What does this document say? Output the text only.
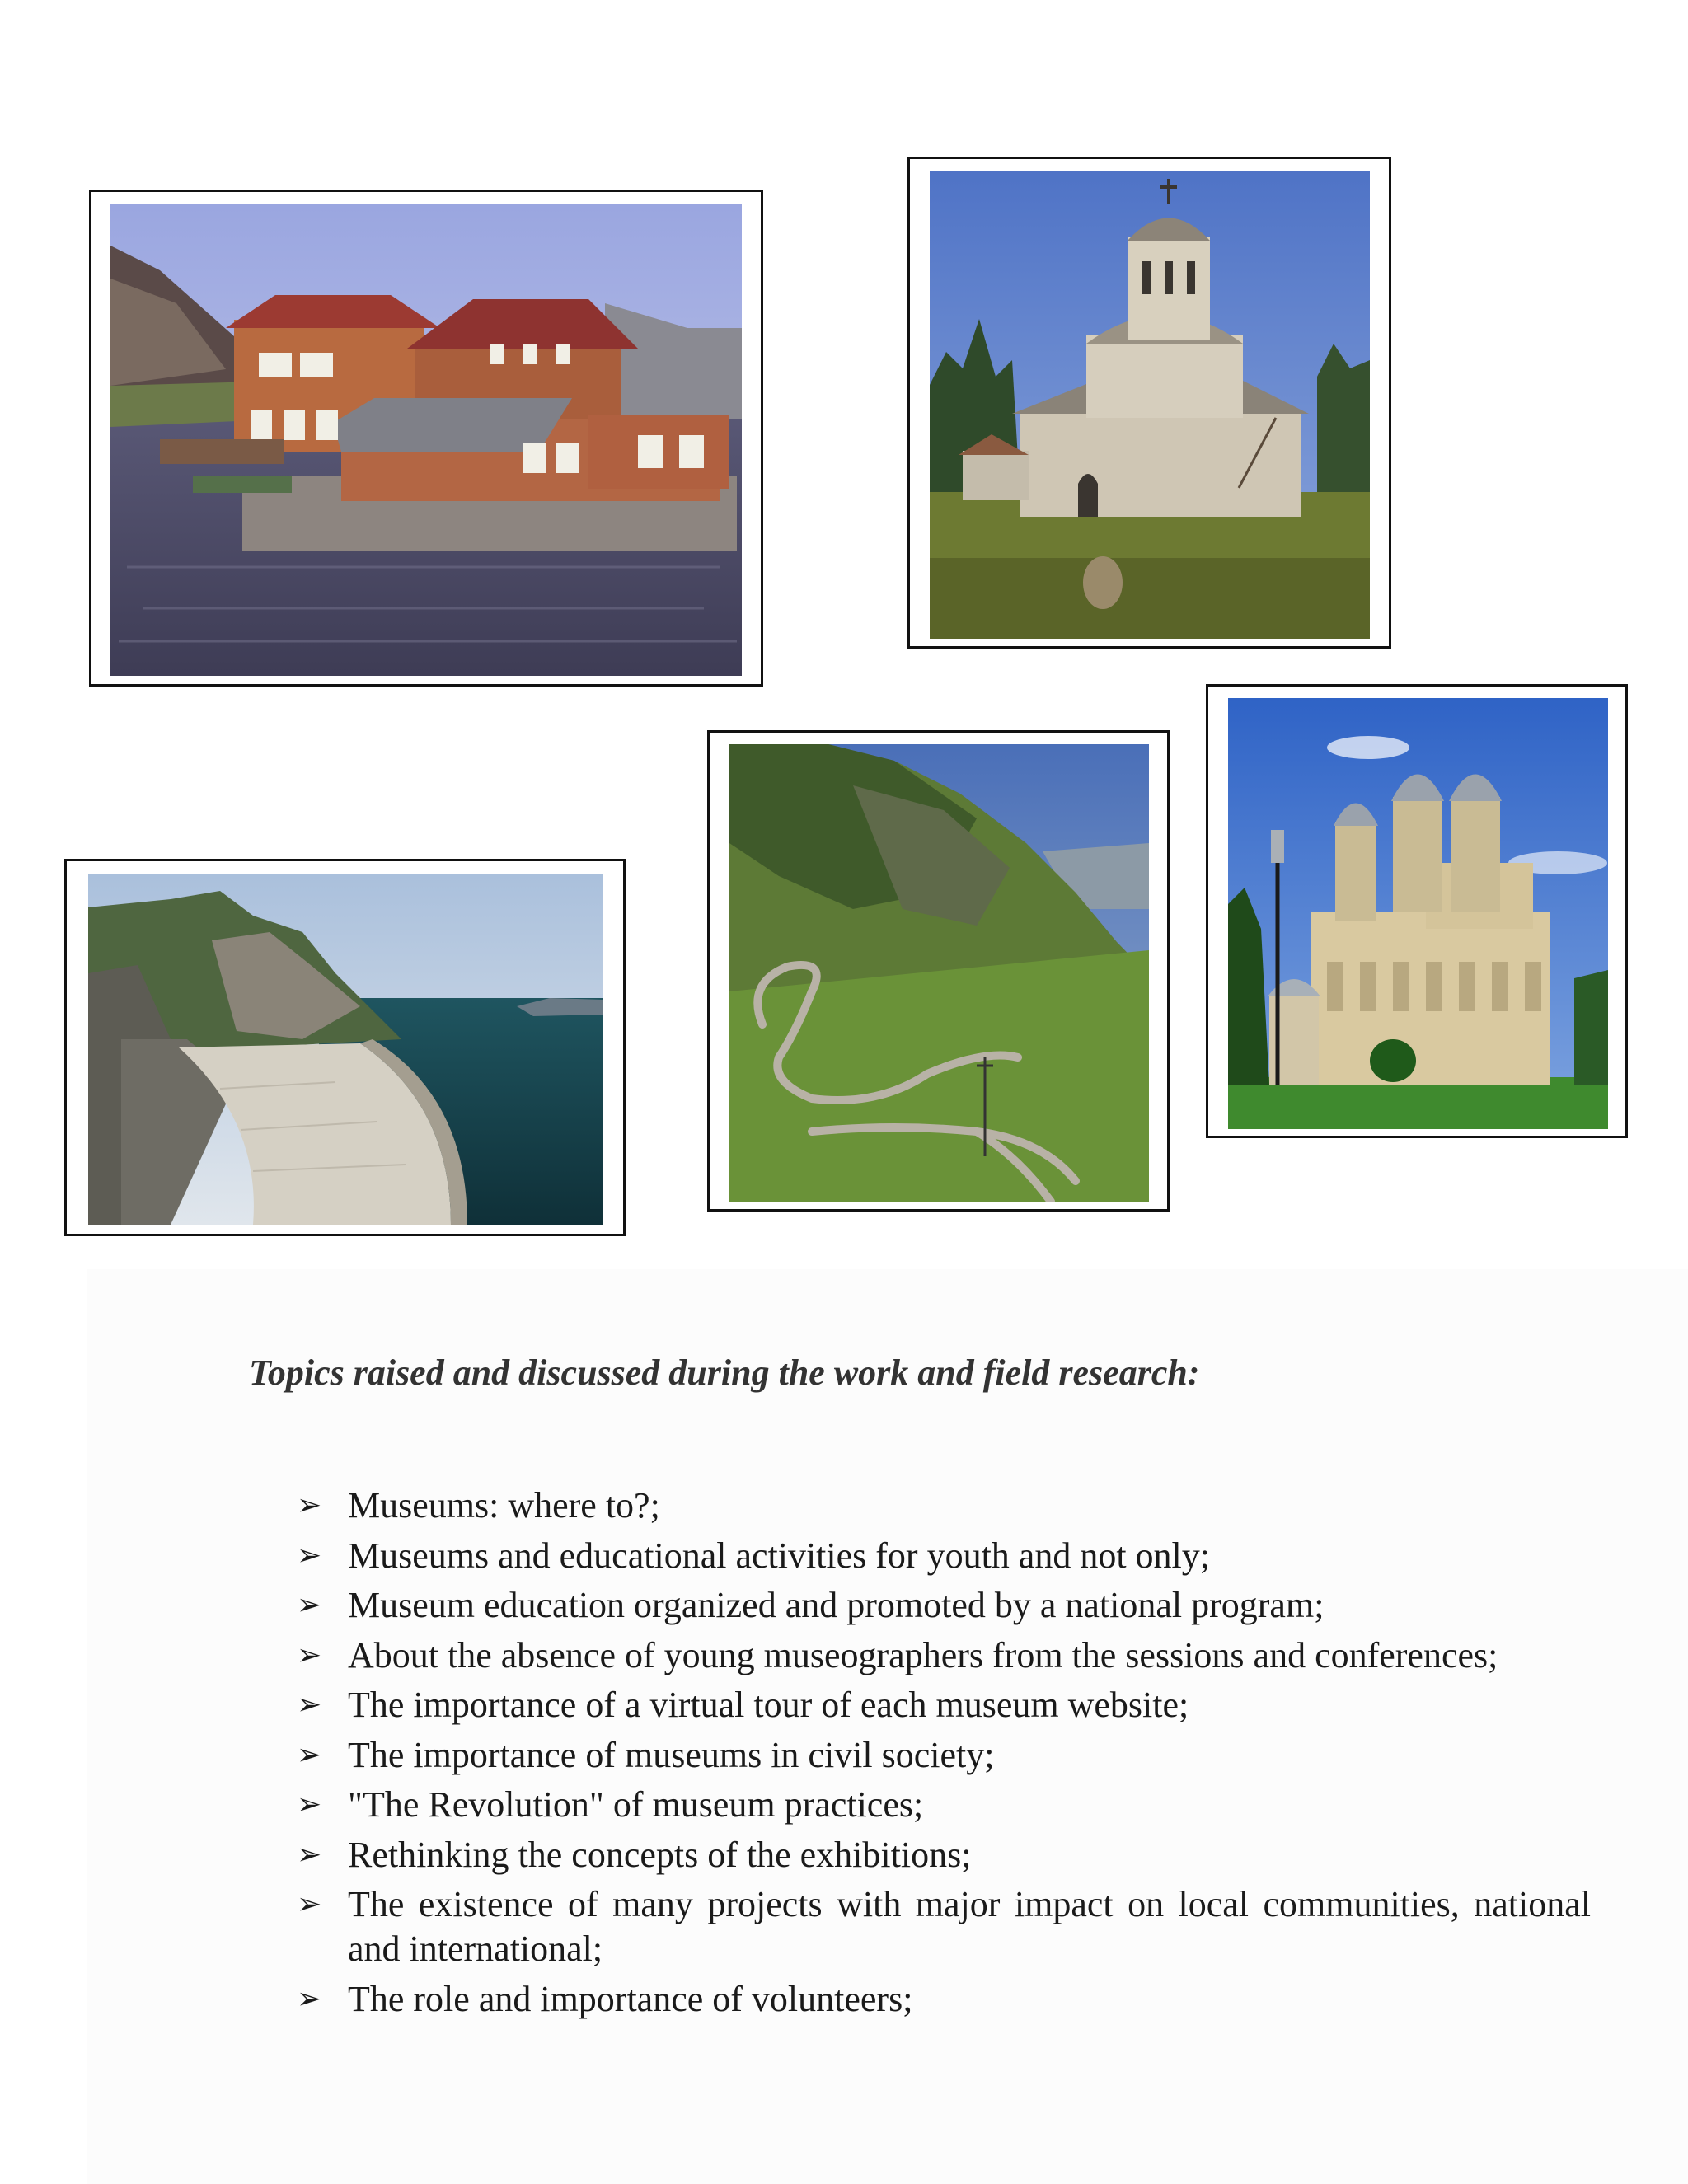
Topics raised and discussed during the work and field research:
➢ Museums: where to?;
➢ Museums and educational activities for youth and not only;
➢ Museum education organized and promoted by a national program;
➢ About the absence of young museographers from the sessions and conferences;
➢ The importance of a virtual tour of each museum website;
➢ The importance of museums in civil society;
➢ "The Revolution" of museum practices;
➢ Rethinking the concepts of the exhibitions;
➢ The existence of many projects with major impact on local communities, national and international;
➢ The role and importance of volunteers;
